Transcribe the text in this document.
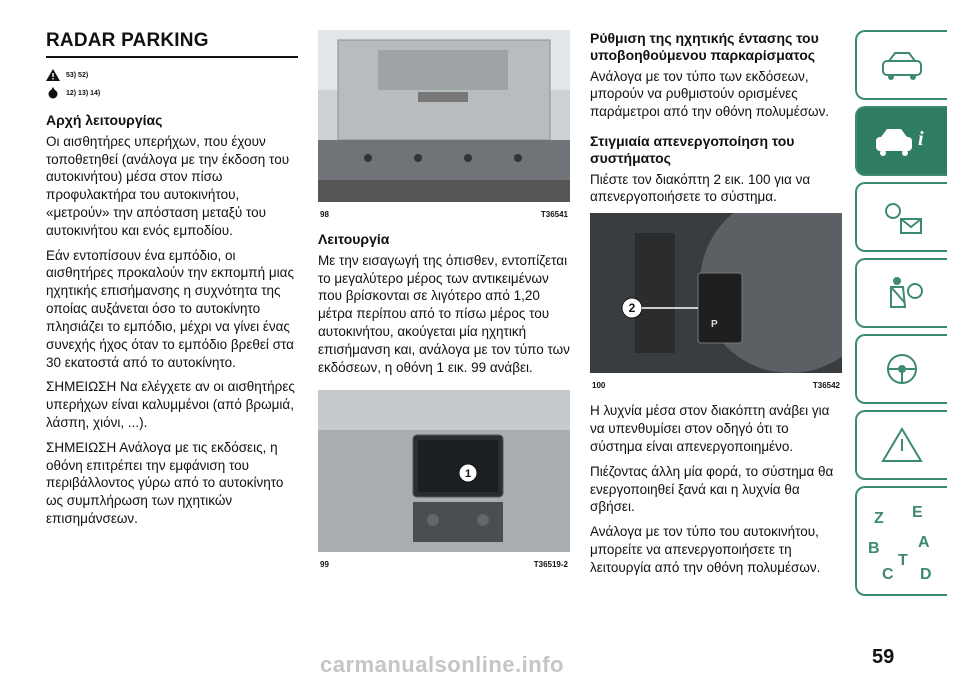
RADAR PARKING
53) 52)
12) 13) 14)
Αρχή λειτουργίας

Οι αισθητήρες υπερήχων, που έχουν τοποθετηθεί (ανάλογα με την έκδοση του αυτοκινήτου) μέσα στον πίσω προφυλακτήρα του αυτοκινήτου, «μετρούν» την απόσταση μεταξύ του αυτοκινήτου και ενός εμποδίου.

Εάν εντοπίσουν ένα εμπόδιο, οι αισθητήρες προκαλούν την εκπομπή μιας ηχητικής επισήμανσης η συχνότητα της οποίας αυξάνεται όσο το αυτοκίνητο πλησιάζει το εμπόδιο, μέχρι να γίνει ένας συνεχής ήχος όταν το εμπόδιο βρεθεί στα 30 εκατοστά από το αυτοκίνητο.

ΣΗΜΕΙΩΣΗ Να ελέγχετε αν οι αισθητήρες υπερήχων είναι καλυμμένοι (από βρωμιά, λάσπη, χιόνι, ...).

ΣΗΜΕΙΩΣΗ Ανάλογα με τις εκδόσεις, η οθόνη επιτρέπει την εμφάνιση του περιβάλλοντος γύρω από το αυτοκίνητο ως συμπλήρωση των ηχητικών επισημάνσεων.

98	T36541
Λειτουργία

Με την εισαγωγή της όπισθεν, εντοπίζεται το μεγαλύτερο μέρος των αντικειμένων που βρίσκονται σε λιγότερο από 1,20 μέτρα περίπου από το πίσω μέρος του αυτοκινήτου, ακούγεται μία ηχητική επισήμανση και, ανάλογα με τον τύπο των εκδόσεων, η οθόνη 1 εικ. 99 ανάβει.

1
99	T36519-2
Ρύθμιση της ηχητικής έντασης του υποβοηθούμενου παρκαρίσματος

Ανάλογα με τον τύπο των εκδόσεων, μπορούν να ρυθμιστούν ορισμένες παράμετροι από την οθόνη πολυμέσων.

Στιγμιαία απενεργοποίηση του συστήματος

Πιέστε τον διακόπτη 2 εικ. 100 για να απενεργοποιήσετε το σύστημα.

P
2
100	T36542

Η λυχνία μέσα στον διακόπτη ανάβει για να υπενθυμίσει στον οδηγό ότι το σύστημα είναι απενεργοποιημένο.

Πιέζοντας άλλη μία φορά, το σύστημα θα ενεργοποιηθεί ξανά και η λυχνία θα σβήσει.

Ανάλογα με τον τύπο του αυτοκινήτου, μπορείτε να απενεργοποιήσετε τη λειτουργία από την οθόνη πολυμέσων.

i
Z E
B A
C
T
D
carmanualsonline.info	59
